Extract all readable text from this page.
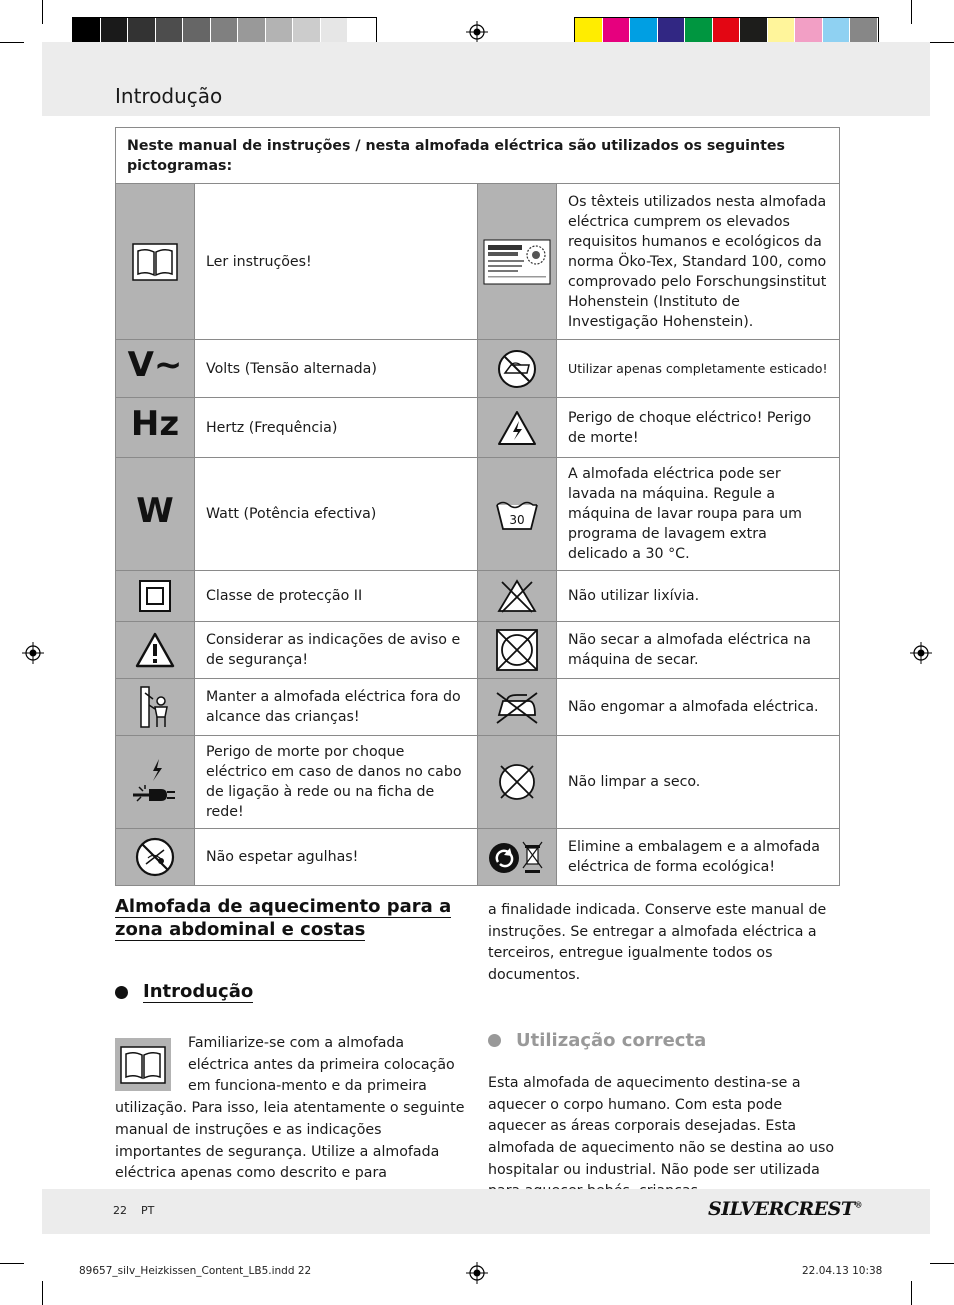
Introdução
Neste manual de instruções / nesta almofada eléctrica são utilizados os seguintes pictogramas:			

	Ler instruções!		Os têxteis utilizados nesta almofada eléctrica cumprem os elevados requisitos humanos e ecológicos da norma Öko-Tex, Standard 100, como comprovado pelo Forschungsinstitut Hohenstein (Instituto de Investigação Hohenstein).
V~	Volts (Tensão alternada)		Utilizar apenas completamente esticado!
Hz	Hertz (Frequência)		Perigo de choque eléctrico! Perigo de morte!
W	Watt (Potência efectiva)	30	A almofada eléctrica pode ser lavada na máquina. Regule a máquina de lavar roupa para um programa de lavagem extra delicado a 30 °C.

	Classe de protecção II		Não utilizar lixívia.

	Considerar as indicações de aviso e de segurança!		Não secar a almofada eléctrica na máquina de secar.

	Manter a almofada eléctrica fora do alcance das crianças!		Não engomar a almofada eléctrica.

	Perigo de morte por choque eléctrico em caso de danos no cabo de ligação à rede ou na ficha de rede!		Não limpar a seco.

	Não espetar agulhas!		Elimine a embalagem e a almofada eléctrica de forma ecológica!
Almofada de aquecimento para a zona abdominal e costas
Introdução

Familiarize-se com a almofada eléctrica antes da primeira colocação em funciona-mento e da primeira utilização. Para isso, leia atentamente o seguinte manual de instruções e as indicações importantes de segurança. Utilize a almofada eléctrica apenas como descrito e para

a finalidade indicada. Conserve este manual de instruções. Se entregar a almofada eléctrica a terceiros, entregue igualmente todos os documentos.

Utilização correcta

Esta almofada de aquecimento destina-se a aquecer o corpo humano. Com esta pode aquecer as áreas corporais desejadas. Esta almofada de aquecimento não se destina ao uso hospitalar ou industrial. Não pode ser utilizada

22 PT	SILVERCREST®
89657_silv_Heizkissen_Content_LB5.indd 22	22.04.13 10:38
